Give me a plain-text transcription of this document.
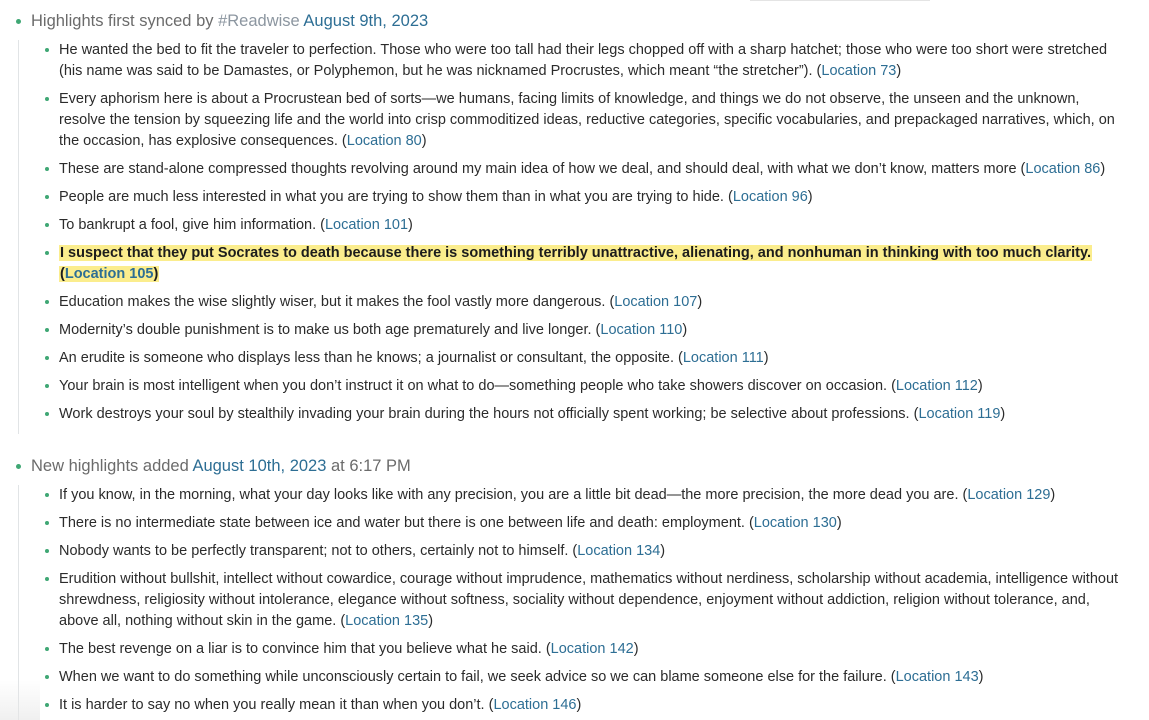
Highlights first synced by #Readwise August 9th, 2023
He wanted the bed to fit the traveler to perfection. Those who were too tall had their legs chopped off with a sharp hatchet; those who were too short were stretched (his name was said to be Damastes, or Polyphemon, but he was nicknamed Procrustes, which meant “the stretcher”). (Location 73)
Every aphorism here is about a Procrustean bed of sorts—we humans, facing limits of knowledge, and things we do not observe, the unseen and the unknown, resolve the tension by squeezing life and the world into crisp commoditized ideas, reductive categories, specific vocabularies, and prepackaged narratives, which, on the occasion, has explosive consequences. (Location 80)
These are stand-alone compressed thoughts revolving around my main idea of how we deal, and should deal, with what we don’t know, matters more (Location 86)
People are much less interested in what you are trying to show them than in what you are trying to hide. (Location 96)
To bankrupt a fool, give him information. (Location 101)
I suspect that they put Socrates to death because there is something terribly unattractive, alienating, and nonhuman in thinking with too much clarity. (Location 105)
Education makes the wise slightly wiser, but it makes the fool vastly more dangerous. (Location 107)
Modernity’s double punishment is to make us both age prematurely and live longer. (Location 110)
An erudite is someone who displays less than he knows; a journalist or consultant, the opposite. (Location 111)
Your brain is most intelligent when you don’t instruct it on what to do—something people who take showers discover on occasion. (Location 112)
Work destroys your soul by stealthily invading your brain during the hours not officially spent working; be selective about professions. (Location 119)
New highlights added August 10th, 2023 at 6:17 PM
If you know, in the morning, what your day looks like with any precision, you are a little bit dead—the more precision, the more dead you are. (Location 129)
There is no intermediate state between ice and water but there is one between life and death: employment. (Location 130)
Nobody wants to be perfectly transparent; not to others, certainly not to himself. (Location 134)
Erudition without bullshit, intellect without cowardice, courage without imprudence, mathematics without nerdiness, scholarship without academia, intelligence without shrewdness, religiosity without intolerance, elegance without softness, sociality without dependence, enjoyment without addiction, religion without tolerance, and, above all, nothing without skin in the game. (Location 135)
The best revenge on a liar is to convince him that you believe what he said. (Location 142)
When we want to do something while unconsciously certain to fail, we seek advice so we can blame someone else for the failure. (Location 143)
It is harder to say no when you really mean it than when you don’t. (Location 146)
